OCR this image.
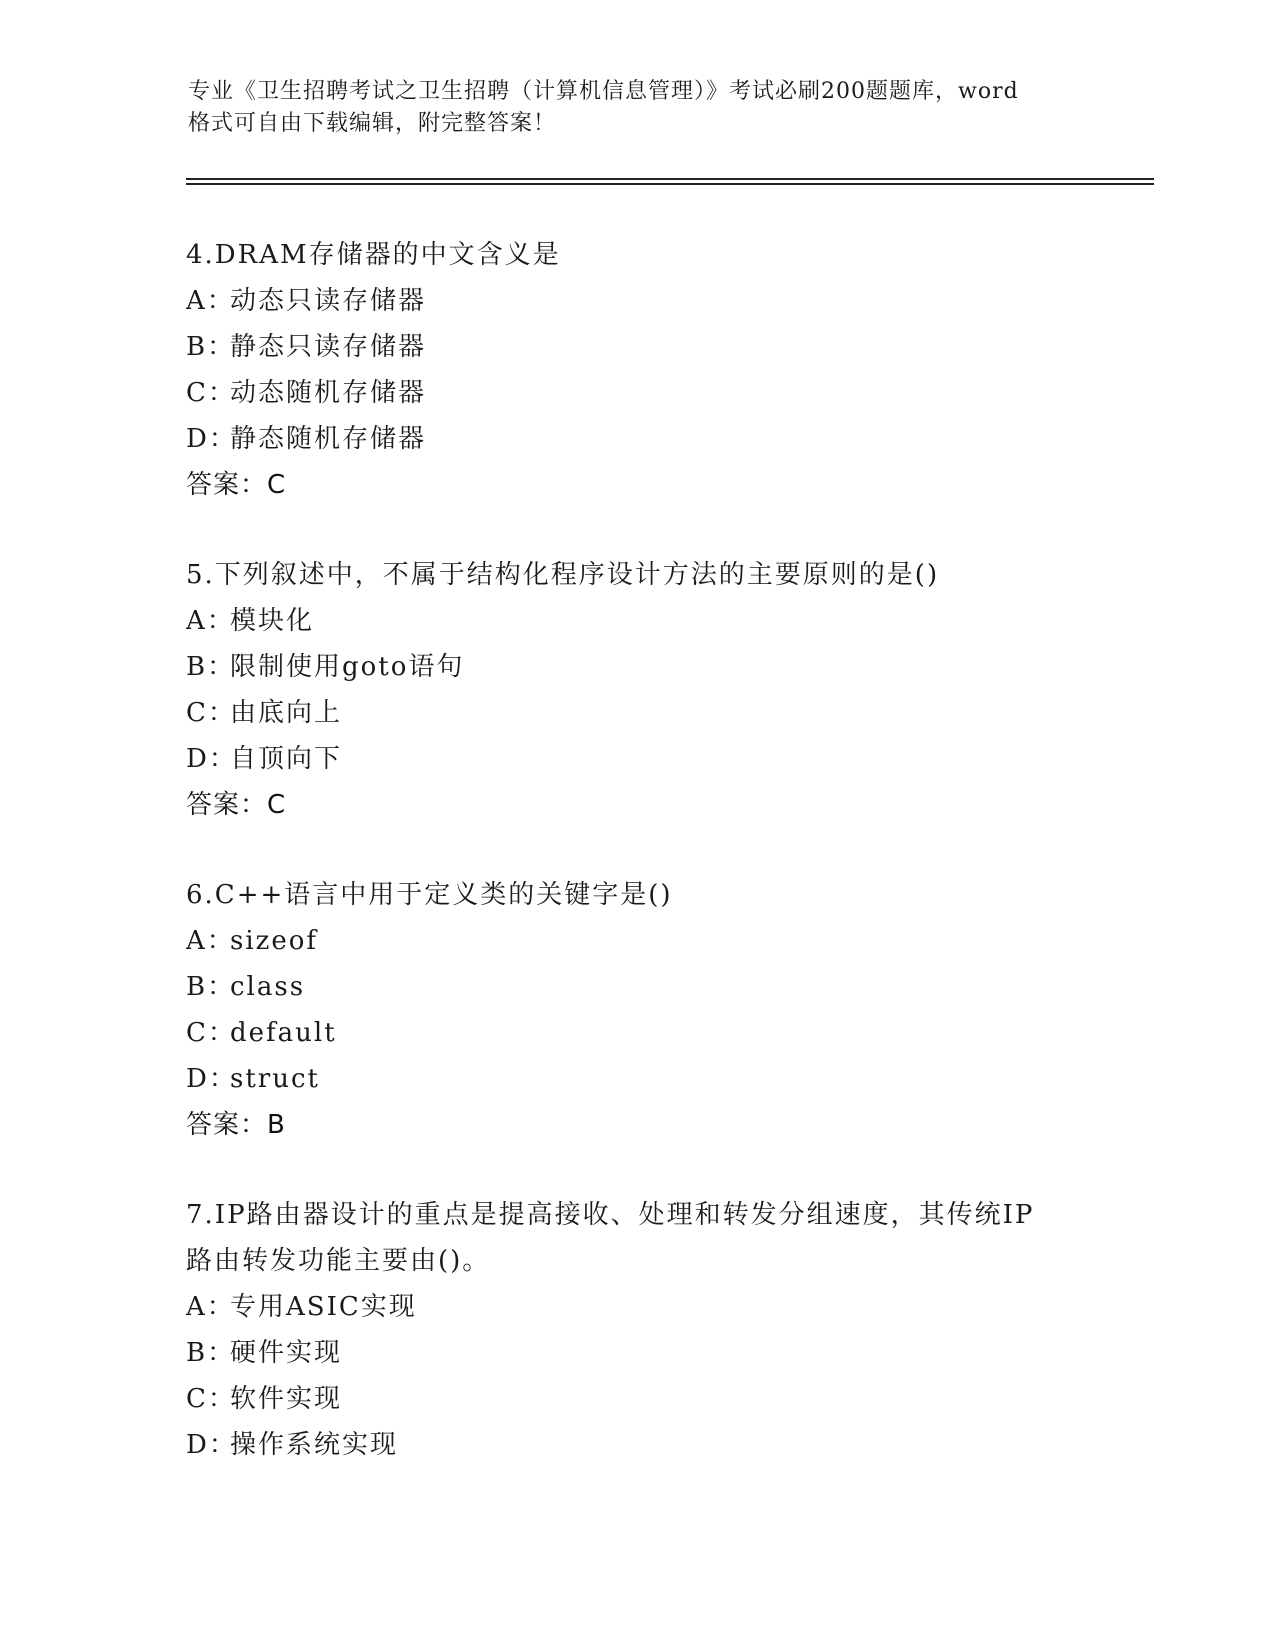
专业《卫生招聘考试之卫生招聘（计算机信息管理）》考试必刷200题题库，word
格式可自由下载编辑，附完整答案！

4.DRAM存储器的中文含义是

A：动态只读存储器

B：静态只读存储器

C：动态随机存储器

D：静态随机存储器

答案：C

5.下列叙述中，不属于结构化程序设计方法的主要原则的是()

A：模块化

B：限制使用goto语句

C：由底向上

D：自顶向下

答案：C

6.C++语言中用于定义类的关键字是()

A：sizeof

B：class

C：default

D：struct

答案：B

7.IP路由器设计的重点是提高接收、处理和转发分组速度，其传统IP

路由转发功能主要由()。

A：专用ASIC实现

B：硬件实现

C：软件实现

D：操作系统实现
